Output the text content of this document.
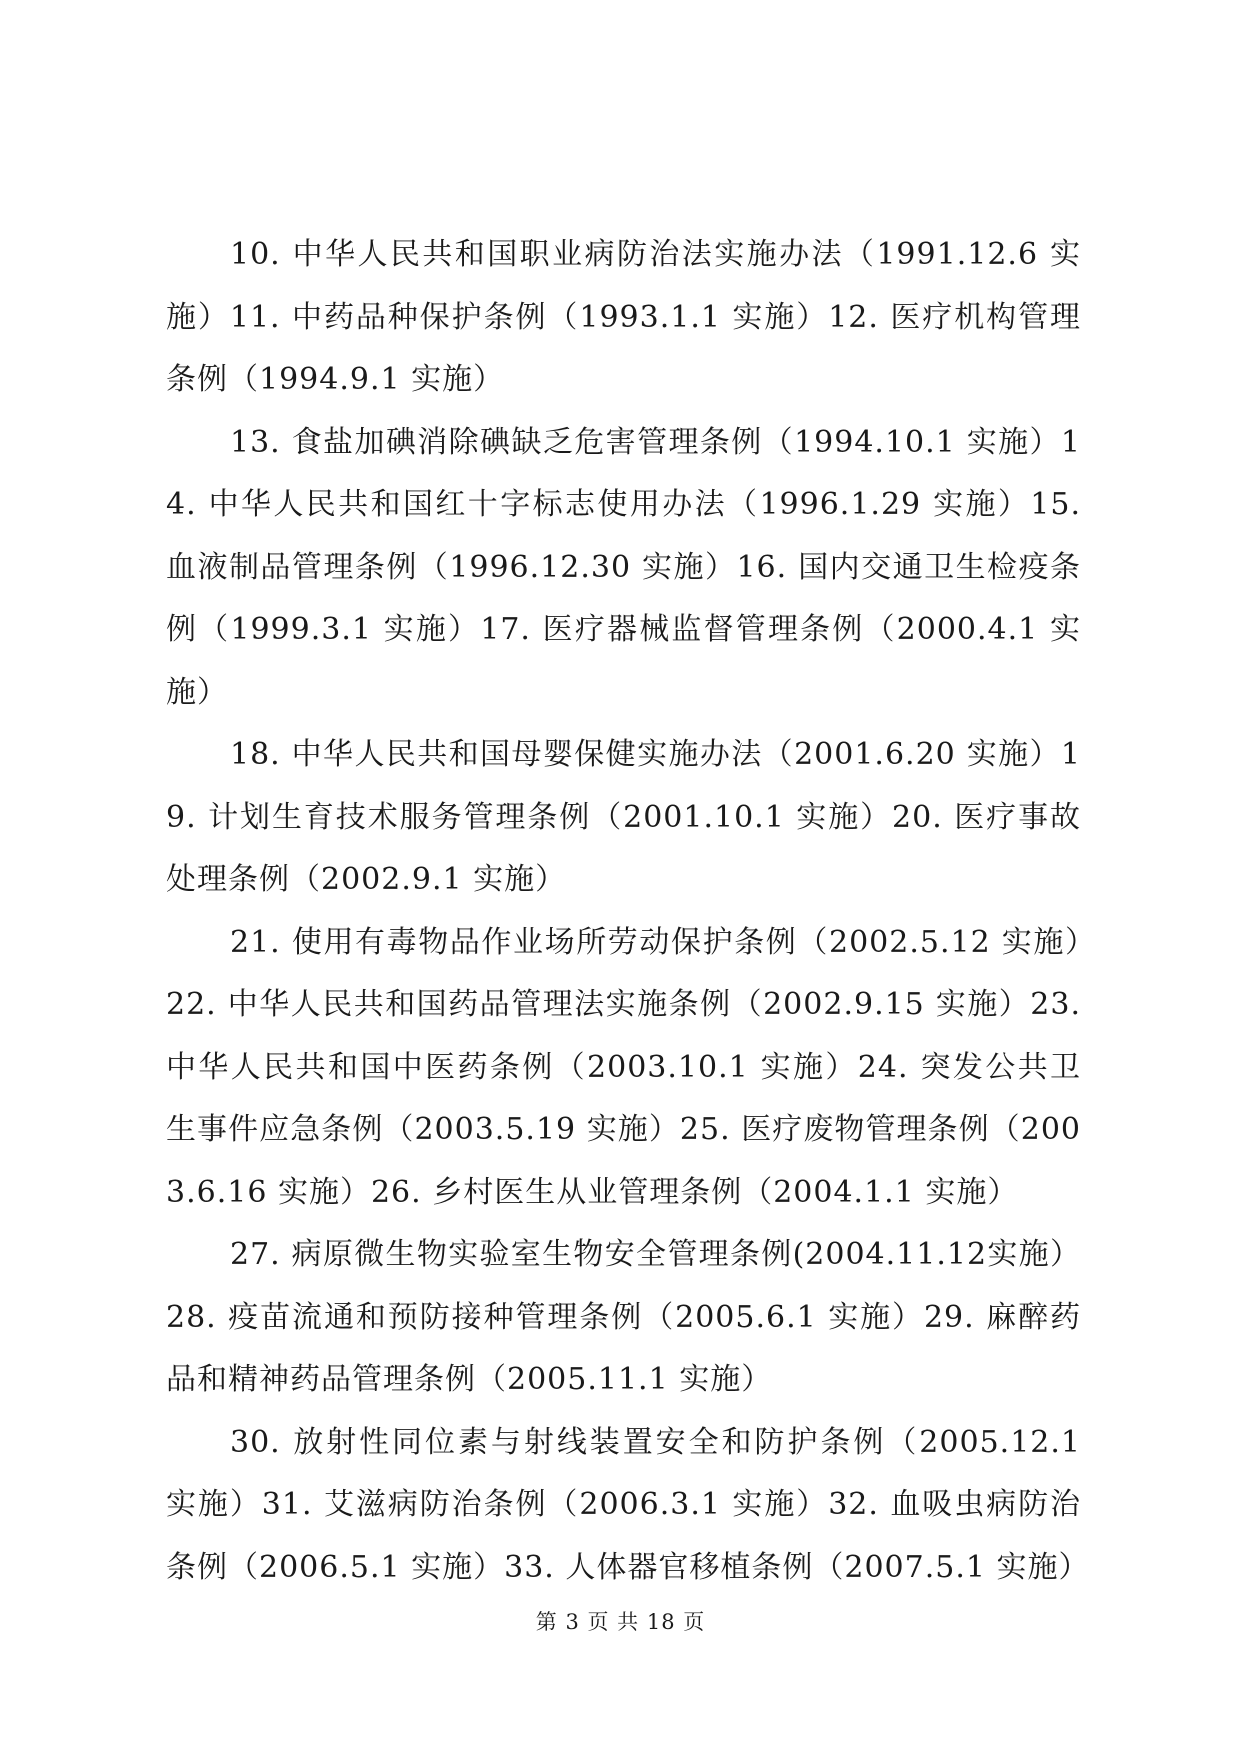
10. 中华人民共和国职业病防治法实施办法（1991.12.6 实施）11. 中药品种保护条例（1993.1.1 实施）12. 医疗机构管理条例（1994.9.1 实施）

13. 食盐加碘消除碘缺乏危害管理条例（1994.10.1 实施）14. 中华人民共和国红十字标志使用办法（1996.1.29 实施）15. 血液制品管理条例（1996.12.30 实施）16. 国内交通卫生检疫条例（1999.3.1 实施）17. 医疗器械监督管理条例（2000.4.1 实施）

18. 中华人民共和国母婴保健实施办法（2001.6.20 实施）19. 计划生育技术服务管理条例（2001.10.1 实施）20. 医疗事故处理条例（2002.9.1 实施）

21. 使用有毒物品作业场所劳动保护条例（2002.5.12 实施）22. 中华人民共和国药品管理法实施条例（2002.9.15 实施）23. 中华人民共和国中医药条例（2003.10.1 实施）24. 突发公共卫生事件应急条例（2003.5.19 实施）25. 医疗废物管理条例（2003.6.16 实施）26. 乡村医生从业管理条例（2004.1.1 实施）

27. 病原微生物实验室生物安全管理条例(2004.11.12实施）28. 疫苗流通和预防接种管理条例（2005.6.1 实施）29. 麻醉药品和精神药品管理条例（2005.11.1 实施）

30. 放射性同位素与射线装置安全和防护条例（2005.12.1 实施）31. 艾滋病防治条例（2006.3.1 实施）32. 血吸虫病防治条例（2006.5.1 实施）33. 人体器官移植条例（2007.5.1 实施）

第 3 页 共 18 页
